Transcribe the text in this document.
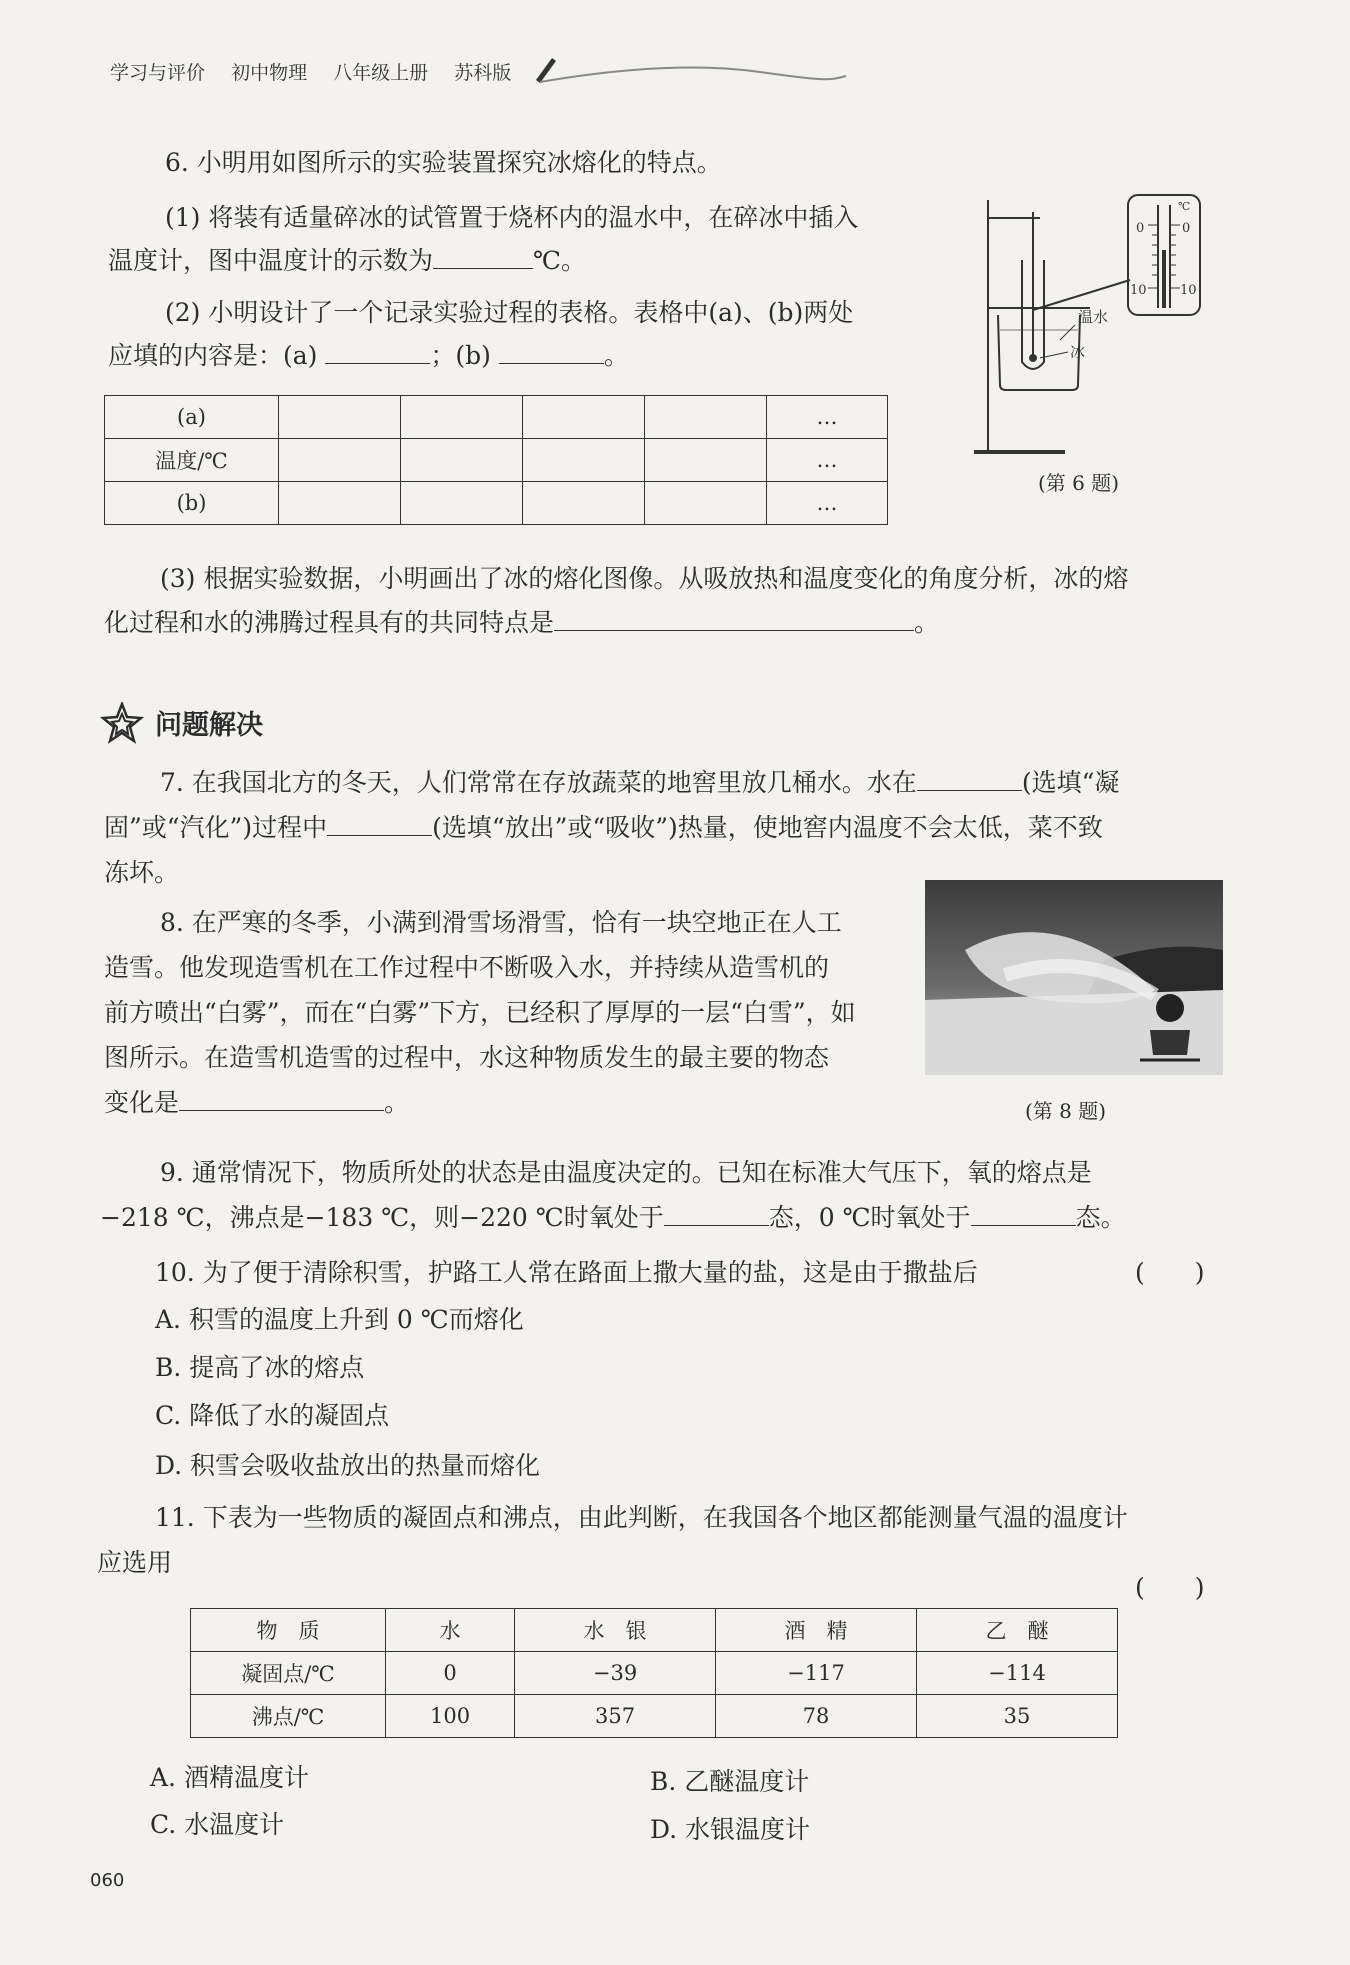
学习与评价 初中物理 八年级上册 苏科版
6. 小明用如图所示的实验装置探究冰熔化的特点。
(1) 将装有适量碎冰的试管置于烧杯内的温水中，在碎冰中插入
温度计，图中温度计的示数为	℃。
(2) 小明设计了一个记录实验过程的表格。表格中(a)、(b)两处
应填的内容是：(a)	；(b)	。
(a)					…
温度/℃					…
(b)					…
0	0
10	10
℃
温水
冰
(第 6 题)
(3) 根据实验数据，小明画出了冰的熔化图像。从吸放热和温度变化的角度分析，冰的熔
化过程和水的沸腾过程具有的共同特点是	。
问题解决
7. 在我国北方的冬天，人们常常在存放蔬菜的地窖里放几桶水。水在	(选填“凝
固”或“汽化”)过程中	(选填“放出”或“吸收”)热量，使地窖内温度不会太低，菜不致
冻坏。
8. 在严寒的冬季，小满到滑雪场滑雪，恰有一块空地正在人工
造雪。他发现造雪机在工作过程中不断吸入水，并持续从造雪机的
前方喷出“白雾”，而在“白雾”下方，已经积了厚厚的一层“白雪”，如
图所示。在造雪机造雪的过程中，水这种物质发生的最主要的物态
变化是	。	(第 8 题)
9. 通常情况下，物质所处的状态是由温度决定的。已知在标准大气压下，氧的熔点是
−218 ℃，沸点是−183 ℃，则−220 ℃时氧处于	态，0 ℃时氧处于	态。
10. 为了便于清除积雪，护路工人常在路面上撒大量的盐，这是由于撒盐后	(　　)
A. 积雪的温度上升到 0 ℃而熔化
B. 提高了冰的熔点
C. 降低了水的凝固点
D. 积雪会吸收盐放出的热量而熔化
11. 下表为一些物质的凝固点和沸点，由此判断，在我国各个地区都能测量气温的温度计
应选用
(　　)
物　质	水	水　银	酒　精	乙　醚
凝固点/℃	0	−39	−117	−114
沸点/℃	100	357	78	35
A. 酒精温度计	B. 乙醚温度计
C. 水温度计	D. 水银温度计
060
